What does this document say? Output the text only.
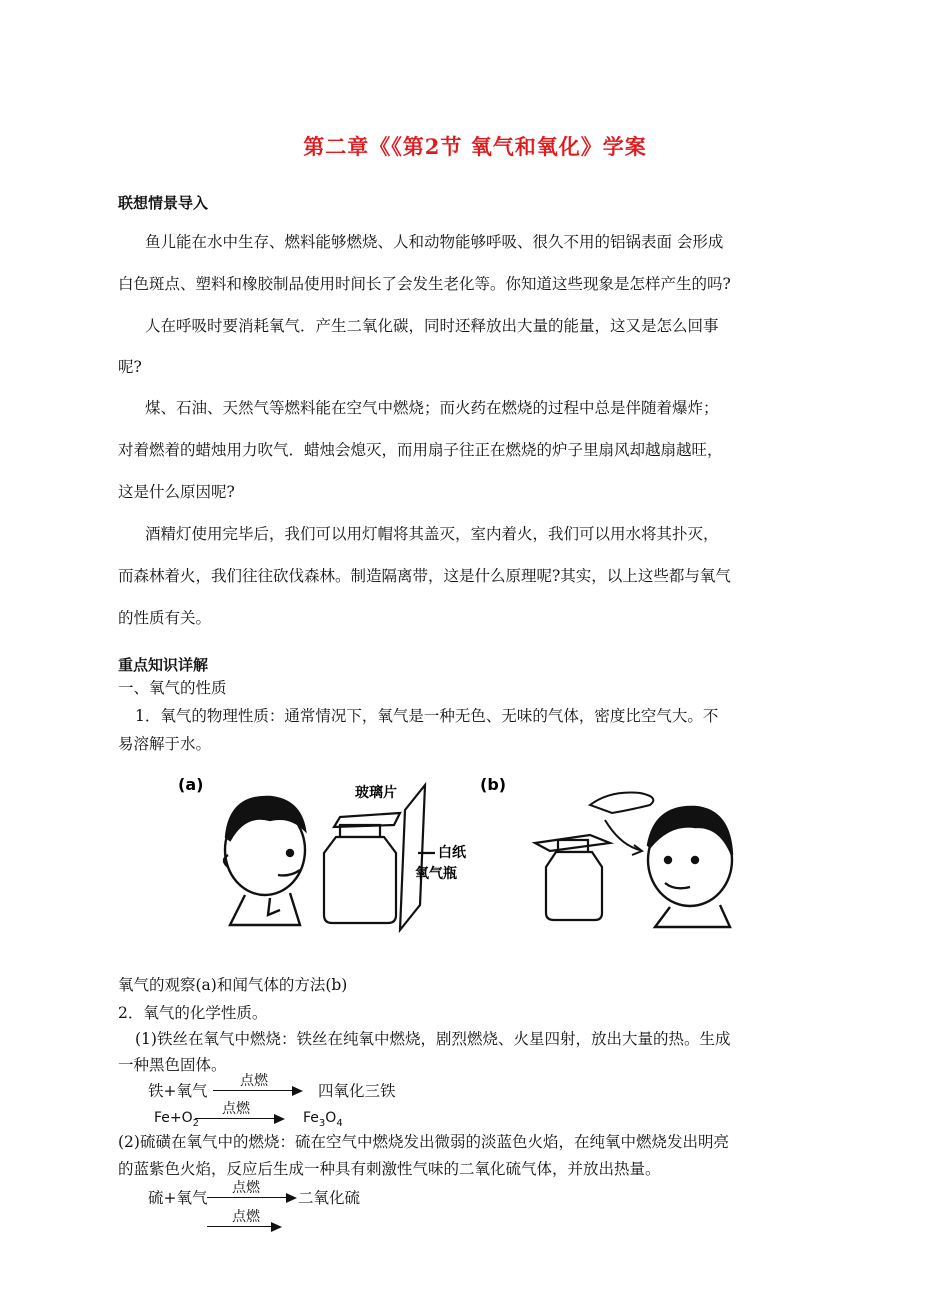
第二章《《第2节 氧气和氧化》学案
联想情景导入
鱼儿能在水中生存、燃料能够燃烧、人和动物能够呼吸、很久不用的铝锅表面 会形成
白色斑点、塑料和橡胶制品使用时间长了会发生老化等。你知道这些现象是怎样产生的吗?
人在呼吸时要消耗氧气．产生二氧化碳，同时还释放出大量的能量，这又是怎么回事
呢?
煤、石油、天然气等燃料能在空气中燃烧；而火药在燃烧的过程中总是伴随着爆炸；
对着燃着的蜡烛用力吹气．蜡烛会熄灭，而用扇子往正在燃烧的炉子里扇风却越扇越旺，
这是什么原因呢?
酒精灯使用完毕后，我们可以用灯帽将其盖灭，室内着火，我们可以用水将其扑灭，
而森林着火，我们往往砍伐森林。制造隔离带，这是什么原理呢?其实，以上这些都与氧气
的性质有关。
重点知识详解
一、氧气的性质
1．氧气的物理性质：通常情况下，氧气是一种无色、无味的气体，密度比空气大。不
易溶解于水。
(a)	(b)
玻璃片
白纸
氧气瓶
氧气的观察(a)和闻气体的方法(b)
2．氧气的化学性质。
(1)铁丝在氧气中燃烧：铁丝在纯氧中燃烧，剧烈燃烧、火星四射，放出大量的热。生成
一种黑色固体。
铁+氧气
点燃
四氧化三铁
$Fe+O_2$
点燃
$Fe_3O_4$
(2)硫磺在氧气中的燃烧：硫在空气中燃烧发出微弱的淡蓝色火焰，在纯氧中燃烧发出明亮
的蓝紫色火焰，反应后生成一种具有刺激性气味的二氧化硫气体，并放出热量。
硫+氧气
点燃
二氧化硫
点燃
